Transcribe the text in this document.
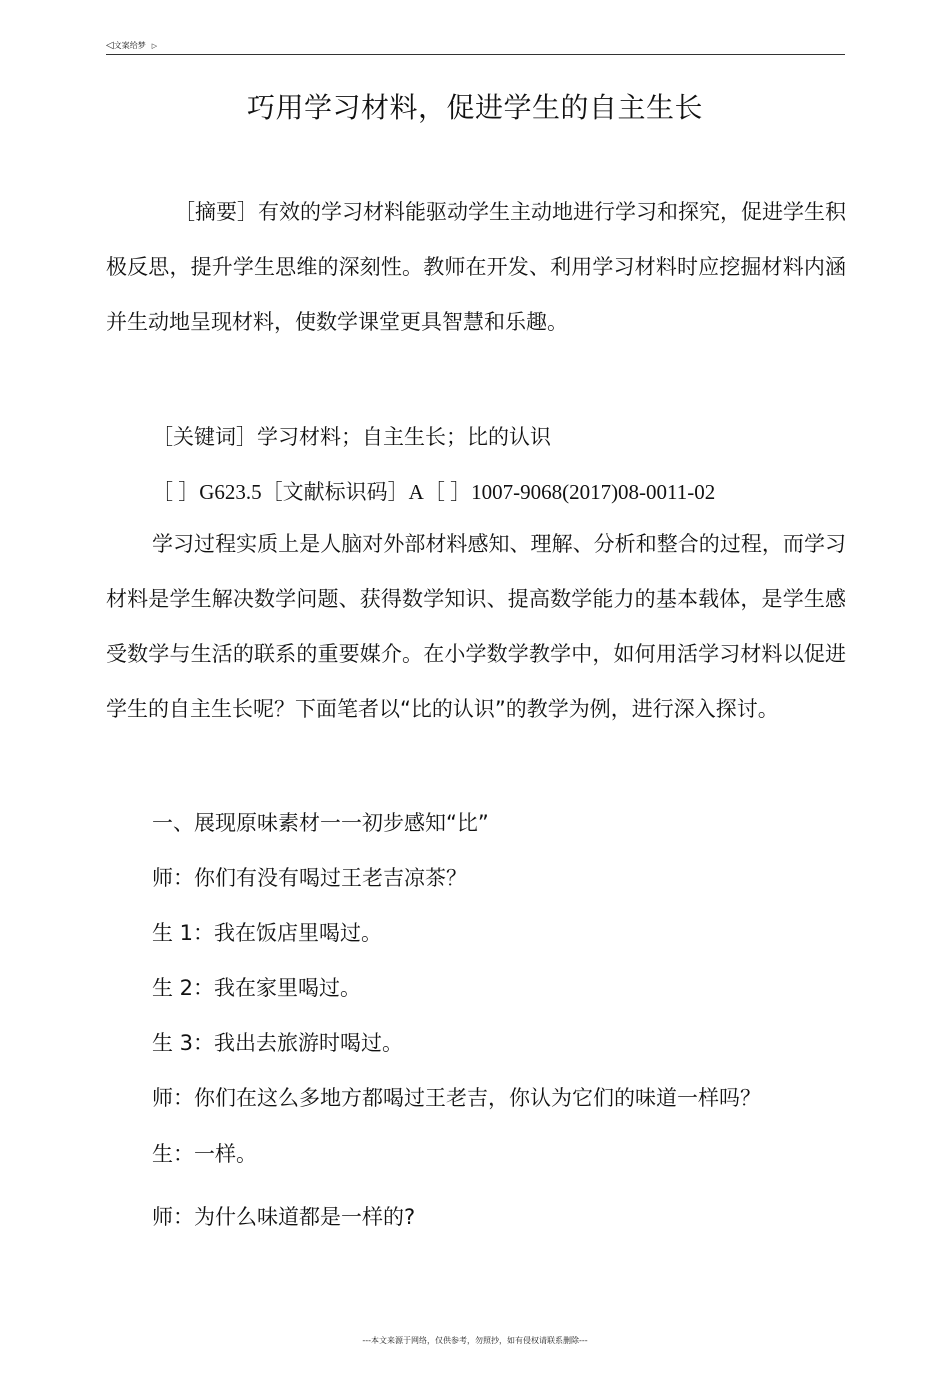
◁文案给梦 ▷
巧用学习材料，促进学生的自主生长
［摘要］有效的学习材料能驱动学生主动地进行学习和探究，促进学生积极反思，提升学生思维的深刻性。教师在开发、利用学习材料时应挖掘材料内涵并生动地呈现材料，使数学课堂更具智慧和乐趣。
［关键词］学习材料；自主生长；比的认识
［ ］G623.5［文献标识码］A［ ］1007-9068(2017)08-0011-02
学习过程实质上是人脑对外部材料感知、理解、分析和整合的过程，而学习材料是学生解决数学问题、获得数学知识、提高数学能力的基本载体，是学生感受数学与生活的联系的重要媒介。在小学数学教学中，如何用活学习材料以促进学生的自主生长呢？下面笔者以“比的认识”的教学为例，进行深入探讨。
一、展现原味素材一一初步感知“比”
师：你们有没有喝过王老吉凉茶？
生 1：我在饭店里喝过。
生 2：我在家里喝过。
生 3：我出去旅游时喝过。
师：你们在这么多地方都喝过王老吉，你认为它们的味道一样吗？
生：一样。
师：为什么味道都是一样的?
---本文来源于网络，仅供参考，勿照抄，如有侵权请联系删除---
